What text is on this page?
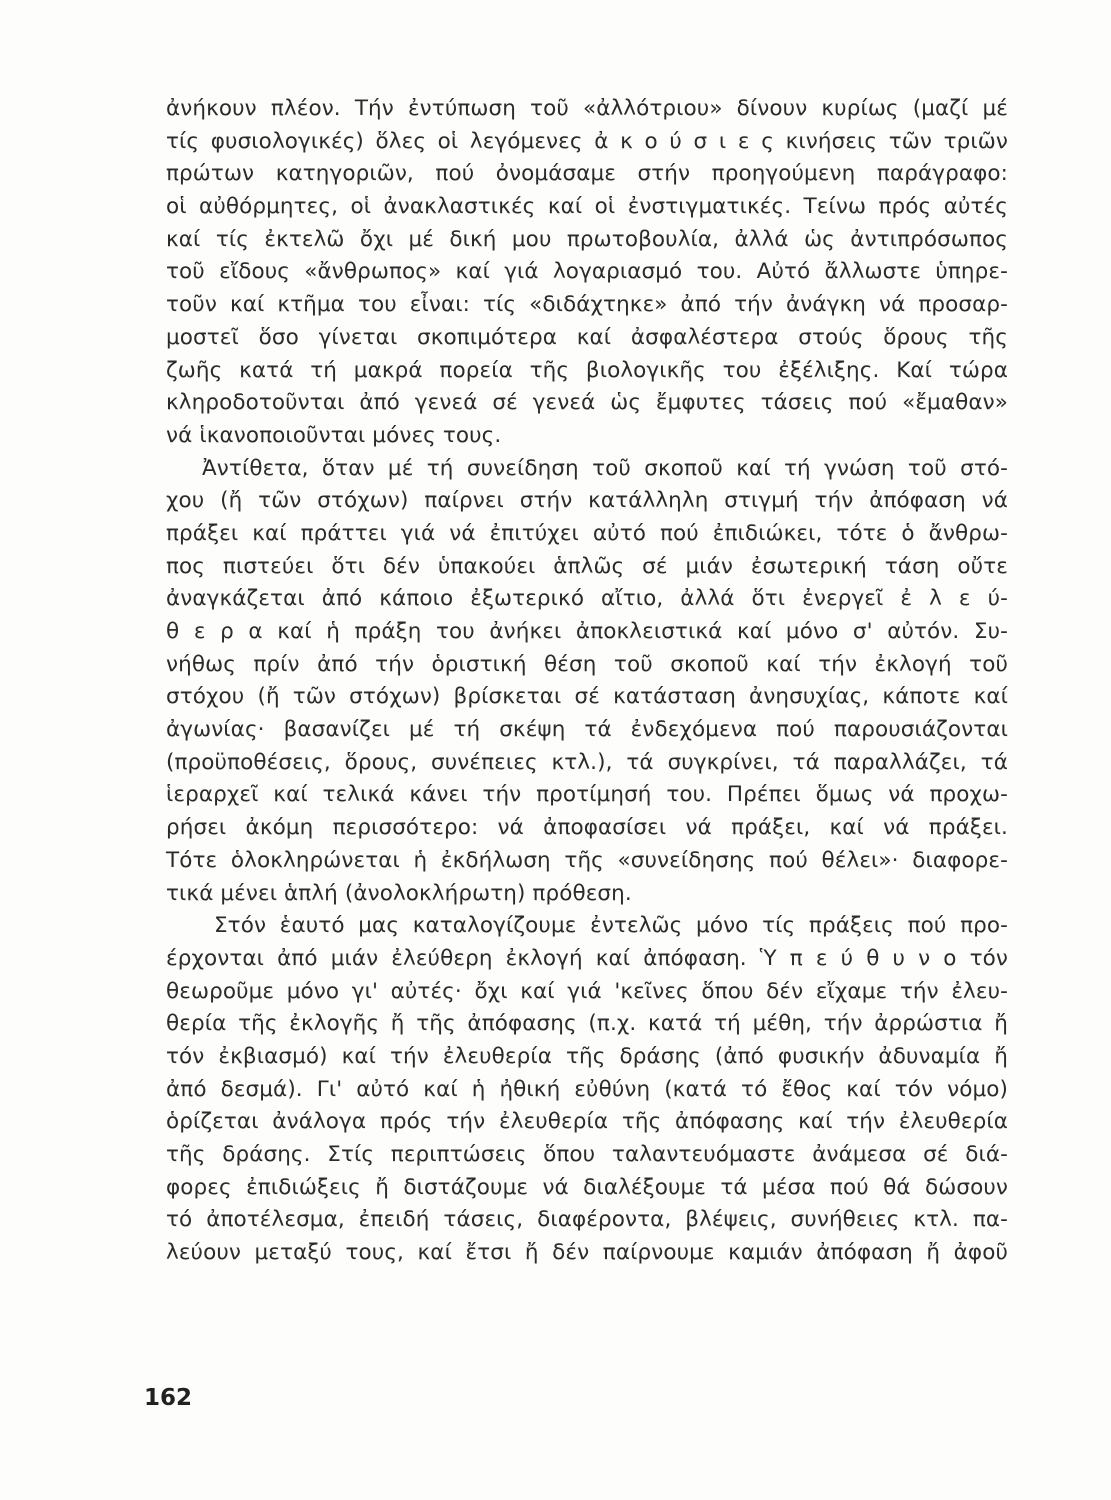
ἀνήκουν πλέον. Τήν ἐντύπωση τοῦ «ἀλλότριου» δίνουν κυρίως (μαζί μέ
τίς φυσιολογικές) ὅλες οἱ λεγόμενες ἀ κ ο ύ σ ι ε ς κινήσεις τῶν τριῶν
πρώτων κατηγοριῶν, πού ὀνομάσαμε στήν προηγούμενη παράγραφο:
οἱ αὐθόρμητες, οἱ ἀνακλαστικές καί οἱ ἐνστιγματικές. Τείνω πρός αὐτές
καί τίς ἐκτελῶ ὄχι μέ δική μου πρωτοβουλία, ἀλλά ὡς ἀντιπρόσωπος
τοῦ εἴδους «ἄνθρωπος» καί γιά λογαριασμό του. Αὐτό ἄλλωστε ὑπηρε-
τοῦν καί κτῆμα του εἶναι: τίς «διδάχτηκε» ἀπό τήν ἀνάγκη νά προσαρ-
μοστεῖ ὅσο γίνεται σκοπιμότερα καί ἀσφαλέστερα στούς ὅρους τῆς
ζωῆς κατά τή μακρά πορεία τῆς βιολογικῆς του ἐξέλιξης. Καί τώρα
κληροδοτοῦνται ἀπό γενεά σέ γενεά ὡς ἔμφυτες τάσεις πού «ἔμαθαν»
νά ἱκανοποιοῦνται μόνες τους.
Ἀντίθετα, ὅταν μέ τή συνείδηση τοῦ σκοποῦ καί τή γνώση τοῦ στό-
χου (ἤ τῶν στόχων) παίρνει στήν κατάλληλη στιγμή τήν ἀπόφαση νά
πράξει καί πράττει γιά νά ἐπιτύχει αὐτό πού ἐπιδιώκει, τότε ὁ ἄνθρω-
πος πιστεύει ὅτι δέν ὑπακούει ἁπλῶς σέ μιάν ἐσωτερική τάση οὔτε
ἀναγκάζεται ἀπό κάποιο ἐξωτερικό αἴτιο, ἀλλά ὅτι ἐνεργεῖ ἐ λ ε ύ-
θ ε ρ α καί ἡ πράξη του ἀνήκει ἀποκλειστικά καί μόνο σ' αὐτόν. Συ-
νήθως πρίν ἀπό τήν ὁριστική θέση τοῦ σκοποῦ καί τήν ἐκλογή τοῦ
στόχου (ἤ τῶν στόχων) βρίσκεται σέ κατάσταση ἀνησυχίας, κάποτε καί
ἀγωνίας· βασανίζει μέ τή σκέψη τά ἐνδεχόμενα πού παρουσιάζονται
(προϋποθέσεις, ὅρους, συνέπειες κτλ.), τά συγκρίνει, τά παραλλάζει, τά
ἱεραρχεῖ καί τελικά κάνει τήν προτίμησή του. Πρέπει ὅμως νά προχω-
ρήσει ἀκόμη περισσότερο: νά ἀποφασίσει νά πράξει, καί νά πράξει.
Τότε ὁλοκληρώνεται ἡ ἐκδήλωση τῆς «συνείδησης πού θέλει»· διαφορε-
τικά μένει ἁπλή (ἀνολοκλήρωτη) πρόθεση.
Στόν ἑαυτό μας καταλογίζουμε ἐντελῶς μόνο τίς πράξεις πού προ-
έρχονται ἀπό μιάν ἐλεύθερη ἐκλογή καί ἀπόφαση. Ὑ π ε ύ θ υ ν ο τόν
θεωροῦμε μόνο γι' αὐτές· ὄχι καί γιά 'κεῖνες ὅπου δέν εἴχαμε τήν ἐλευ-
θερία τῆς ἐκλογῆς ἤ τῆς ἀπόφασης (π.χ. κατά τή μέθη, τήν ἀρρώστια ἤ
τόν ἐκβιασμό) καί τήν ἐλευθερία τῆς δράσης (ἀπό φυσικήν ἀδυναμία ἤ
ἀπό δεσμά). Γι' αὐτό καί ἡ ἠθική εὐθύνη (κατά τό ἔθος καί τόν νόμο)
ὁρίζεται ἀνάλογα πρός τήν ἐλευθερία τῆς ἀπόφασης καί τήν ἐλευθερία
τῆς δράσης. Στίς περιπτώσεις ὅπου ταλαντευόμαστε ἀνάμεσα σέ διά-
φορες ἐπιδιώξεις ἤ διστάζουμε νά διαλέξουμε τά μέσα πού θά δώσουν
τό ἀποτέλεσμα, ἐπειδή τάσεις, διαφέροντα, βλέψεις, συνήθειες κτλ. πα-
λεύουν μεταξύ τους, καί ἔτσι ἤ δέν παίρνουμε καμιάν ἀπόφαση ἤ ἀφοῦ
162
